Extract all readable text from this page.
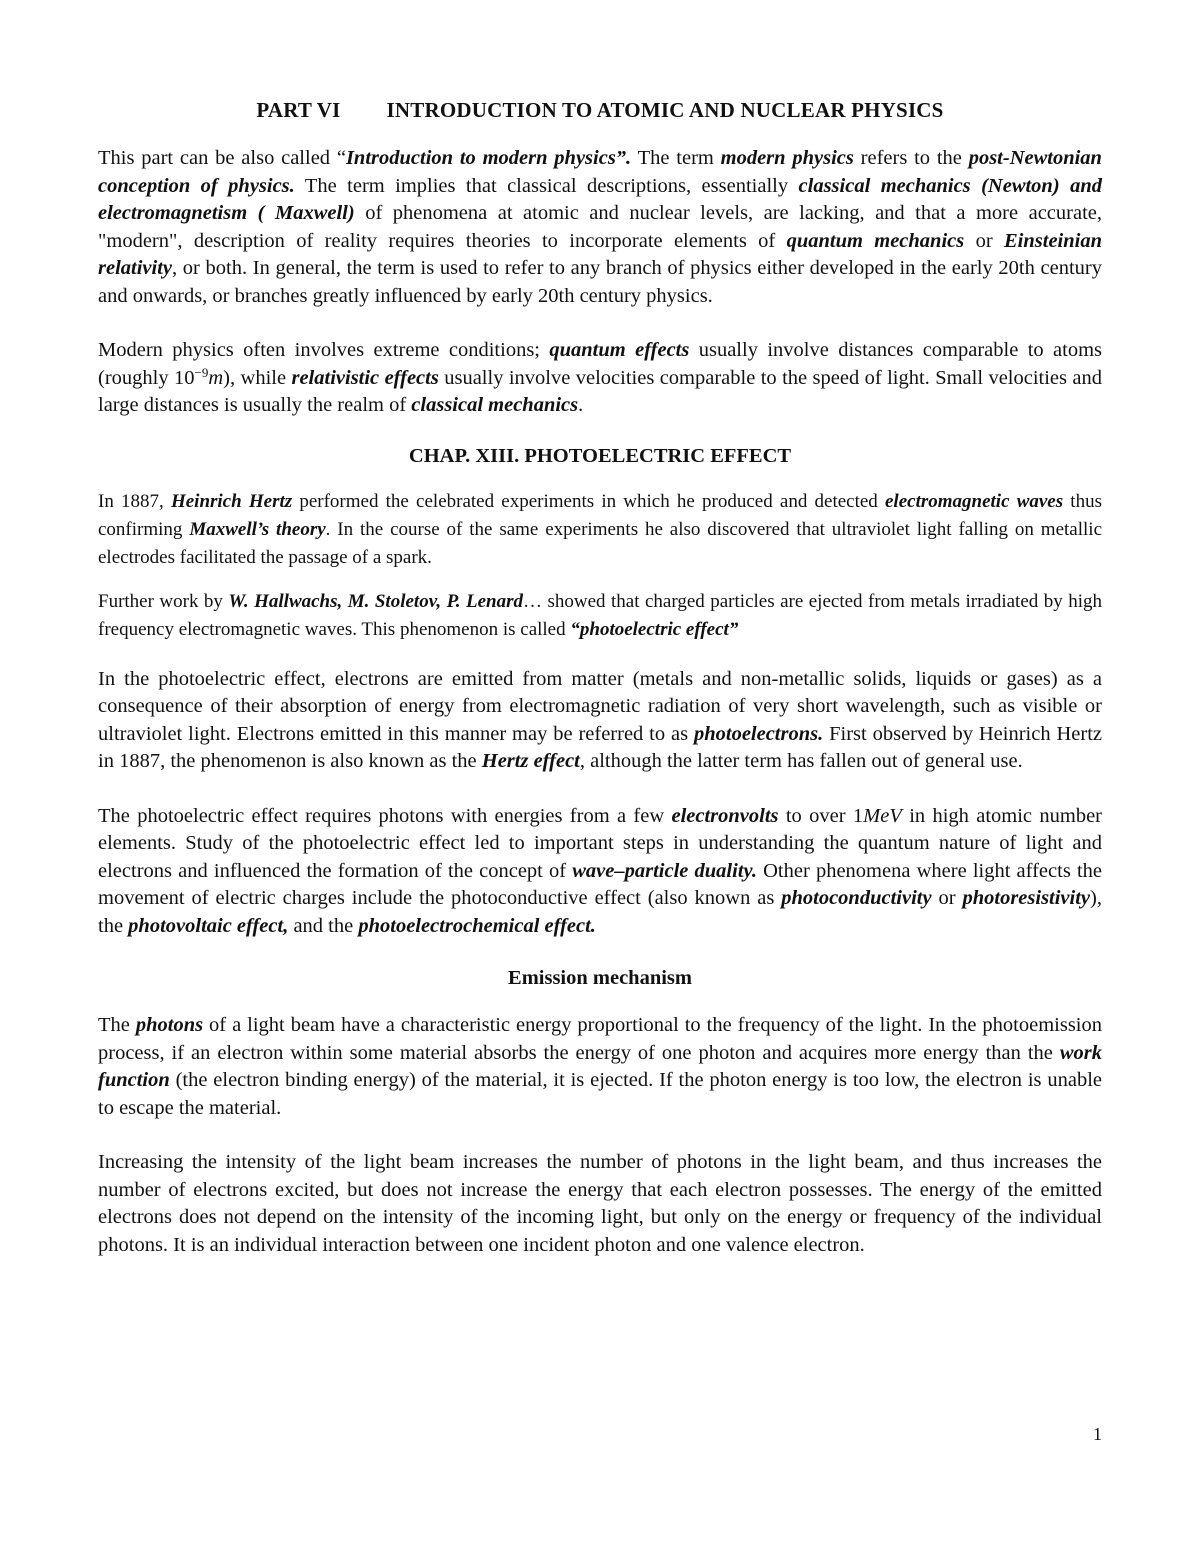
PART VI INTRODUCTION TO ATOMIC AND NUCLEAR PHYSICS

This part can be also called “Introduction to modern physics”. The term modern physics refers to the post-Newtonian conception of physics. The term implies that classical descriptions, essentially classical mechanics (Newton) and electromagnetism ( Maxwell) of phenomena at atomic and nuclear levels, are lacking, and that a more accurate, "modern", description of reality requires theories to incorporate elements of quantum mechanics or Einsteinian relativity, or both. In general, the term is used to refer to any branch of physics either developed in the early 20th century and onwards, or branches greatly influenced by early 20th century physics.

Modern physics often involves extreme conditions; quantum effects usually involve distances comparable to atoms (roughly $10^{-9}m$), while relativistic effects usually involve velocities comparable to the speed of light. Small velocities and large distances is usually the realm of classical mechanics.

CHAP. XIII. PHOTOELECTRIC EFFECT

In 1887, Heinrich Hertz performed the celebrated experiments in which he produced and detected electromagnetic waves thus confirming Maxwell’s theory. In the course of the same experiments he also discovered that ultraviolet light falling on metallic electrodes facilitated the passage of a spark.

Further work by W. Hallwachs, M. Stoletov, P. Lenard… showed that charged particles are ejected from metals irradiated by high frequency electromagnetic waves. This phenomenon is called “photoelectric effect”

In the photoelectric effect, electrons are emitted from matter (metals and non-metallic solids, liquids or gases) as a consequence of their absorption of energy from electromagnetic radiation of very short wavelength, such as visible or ultraviolet light. Electrons emitted in this manner may be referred to as photoelectrons. First observed by Heinrich Hertz in 1887, the phenomenon is also known as the Hertz effect, although the latter term has fallen out of general use.

The photoelectric effect requires photons with energies from a few electronvolts to over 1MeV in high atomic number elements. Study of the photoelectric effect led to important steps in understanding the quantum nature of light and electrons and influenced the formation of the concept of wave–particle duality. Other phenomena where light affects the movement of electric charges include the photoconductive effect (also known as photoconductivity or photoresistivity), the photovoltaic effect, and the photoelectrochemical effect.

Emission mechanism

The photons of a light beam have a characteristic energy proportional to the frequency of the light. In the photoemission process, if an electron within some material absorbs the energy of one photon and acquires more energy than the work function (the electron binding energy) of the material, it is ejected. If the photon energy is too low, the electron is unable to escape the material.

Increasing the intensity of the light beam increases the number of photons in the light beam, and thus increases the number of electrons excited, but does not increase the energy that each electron possesses. The energy of the emitted electrons does not depend on the intensity of the incoming light, but only on the energy or frequency of the individual photons. It is an individual interaction between one incident photon and one valence electron.

1
